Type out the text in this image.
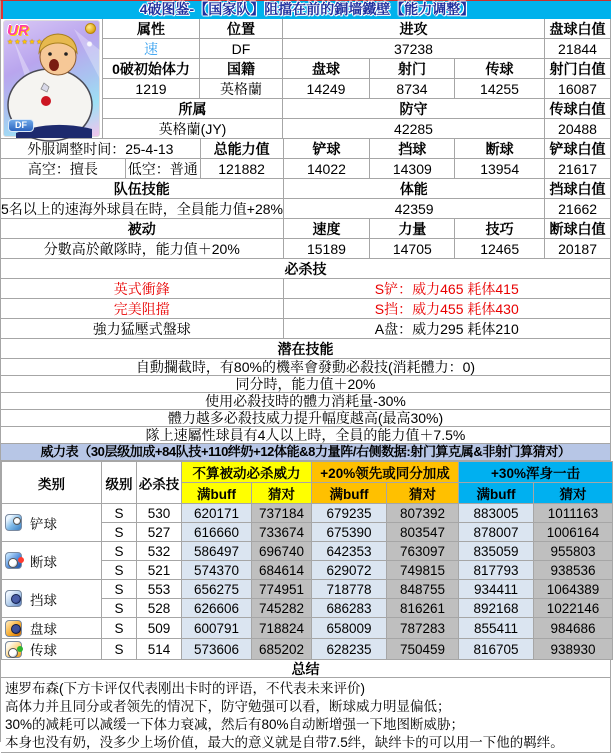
4破图鉴-【国家队】阻擋在前的銅墙鐵壁【能力调整】
UR
★★★★★
DF
属性	位置	进攻	盘球白值
速	DF	37238	21844
0破初始体力	国籍	盘球	射门	传球	射门白值
1219	英格蘭	14249	8734	14255	16087
所属	防守	传球白值
英格蘭(JY)	42285	20488
外服调整时间：25-4-13	总能力值	铲球	挡球	断球	铲球白值
高空：擅長	低空：普通	121882	14022	14309	13954	21617
队伍技能	体能	挡球白值
5名以上的速海外球員在時，全員能力值+28%	42359	21662
被动	速度	力量	技巧	断球白值
分數高於敵隊時，能力值＋20%	15189	14705	12465	20187
必杀技
英式衝鋒	S铲：威力465 耗体415
完美阻擋	S挡：威力455 耗体430
強力猛壓式盤球	A盘：威力295 耗体210
潜在技能
自動攔截時，有80%的機率會發動必殺技(消耗體力：0)
同分時，能力值＋20%
使用必殺技時的體力消耗量-30%
體力越多必殺技威力提升幅度越高(最高30%)
隊上速屬性球員有4人以上時，全員的能力值＋7.5%
威力表（30层级加成+84队技+110绊奶+12体能&8力量阵/右侧数据:射门算克属&非射门算猜对）
类别	级别	必杀技	不算被动必杀威力		+20%领先或同分加成		+30%浑身一击	
			满buff	猜对	满buff	猜对	满buff	猜对

铲球	S	530	620171	737184	679235	807392	883005	1011163
	S	527	616660	733674	675390	803547	878007	1006164

断球	S	532	586497	696740	642353	763097	835059	955803
	S	521	574370	684614	629072	749815	817793	938536

挡球	S	553	656275	774951	718778	848755	934411	1064389
	S	528	626606	745282	686283	816261	892168	1022146

盘球	S	509	600791	718824	658009	787283	855411	984686

传球	S	514	573606	685202	628235	750459	816705	938930
总结
速罗布森(下方卡评仅代表刚出卡时的评语，不代表未来评价)
高体力并且同分或者领先的情况下，防守勉强可以看，断球威力明显偏低；
30%的减耗可以减缓一下体力衰减，然后有80%自动断增强一下地图断威胁；
本身也没有奶，没多少上场价值，最大的意义就是自带7.5绊，缺绊卡的可以用一下他的羁绊。
